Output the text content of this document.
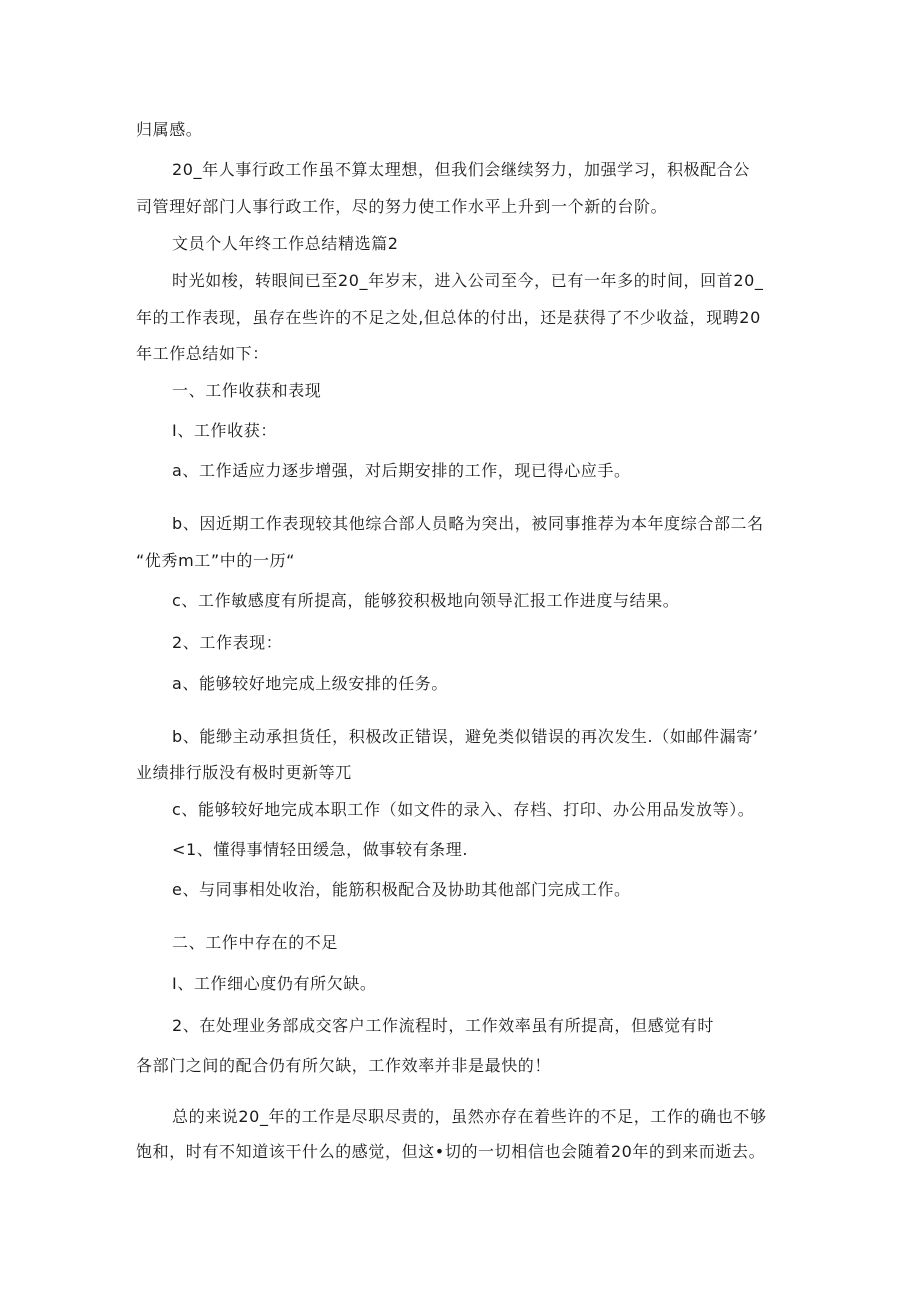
归属感。
20_年人事行政工作虽不算太理想，但我们会继续努力，加强学习，积极配合公
司管理好部门人事行政工作，尽的努力使工作水平上升到一个新的台阶。
文员个人年终工作总结精选篇2
时光如梭，转眼间已至20_年岁末，进入公司至今，已有一年多的时间，回首20_
年的工作表现，虽存在些许的不足之处,但总体的付出，还是获得了不少收益，现聘20
年工作总结如下：
一、工作收获和表现
I、工作收获：
a、工作适应力逐步增强，对后期安排的工作，现已得心应手。
b、因近期工作表现较其他综合部人员略为突出，被同事推荐为本年度综合部二名
“优秀m工”中的一历“
c、工作敏感度有所提高，能够狡积极地向领导汇报工作进度与结果。
2、工作表现：
a、能够较好地完成上级安排的任务。
b、能缈主动承担货任，积极改正错误，避免类似错误的再次发生.（如邮件漏寄’
业绩排行版没有极时更新等兀
c、能够较好地完成本职工作（如文件的录入、存档、打印、办公用品发放等）。
<1、懂得事情轻田缓急，做事较有条理.
e、与同事相处收治，能筋积极配合及协助其他部门完成工作。
二、工作中存在的不足
I、工作细心度仍有所欠缺。
2、在处理业务部成交客户工作流程时，工作效率虽有所提高，但感觉有时
各部门之间的配合仍有所欠缺，工作效率并非是最快的！
总的来说20_年的工作是尽职尽责的，虽然亦存在着些许的不足，工作的确也不够
饱和，时有不知道该干什么的感觉，但这•切的一切相信也会随着20年的到来而逝去。
